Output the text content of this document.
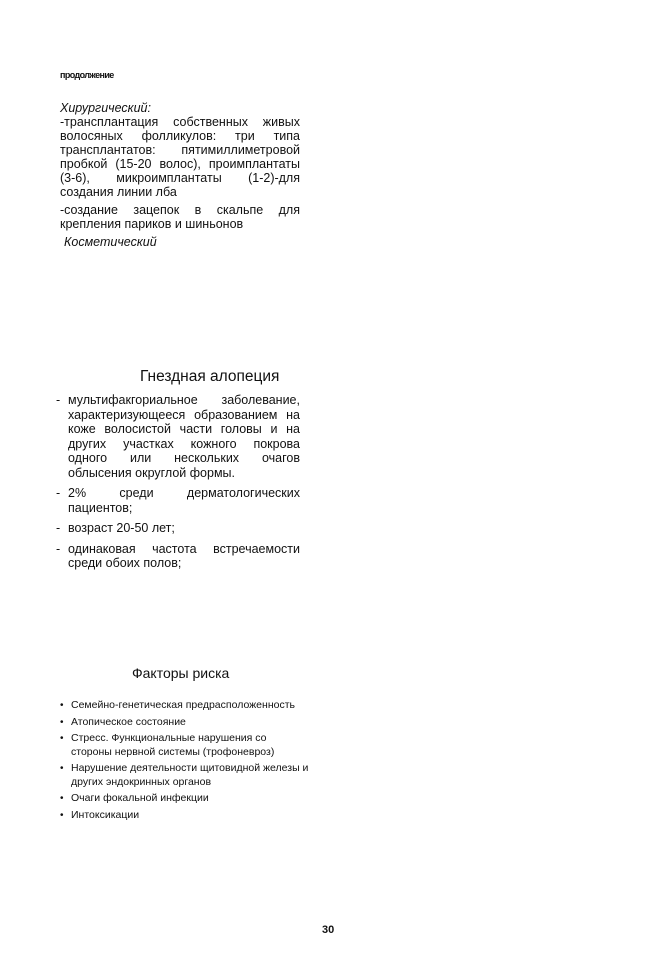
продолжение
Хирургический:

-трансплантация собственных живых волосяных фолликулов: три типа трансплантатов: пятимиллиметровой пробкой (15-20 волос), проимплантаты (3-6), микроимплантаты (1-2)-для создания линии лба

-создание зацепок в скальпе для крепления париков и шиньонов

Косметический
Гнездная алопеция
- мультифакгориальное заболевание, характеризующееся образованием на коже волосистой части головы и на других участках кожного покрова одного или нескольких очагов облысения округлой формы.
- 2% среди дерматологических пациентов;
- возраст 20-50 лет;
- одинаковая частота встречаемости среди обоих полов;
Факторы риска
• Семейно-генетическая предрасположенность
• Атопическое состояние
• Стресс. Функциональные нарушения со стороны нервной системы (трофоневроз)
• Нарушение деятельности щитовидной железы и других эндокринных органов
• Очаги фокальной инфекции
• Интоксикации
30
